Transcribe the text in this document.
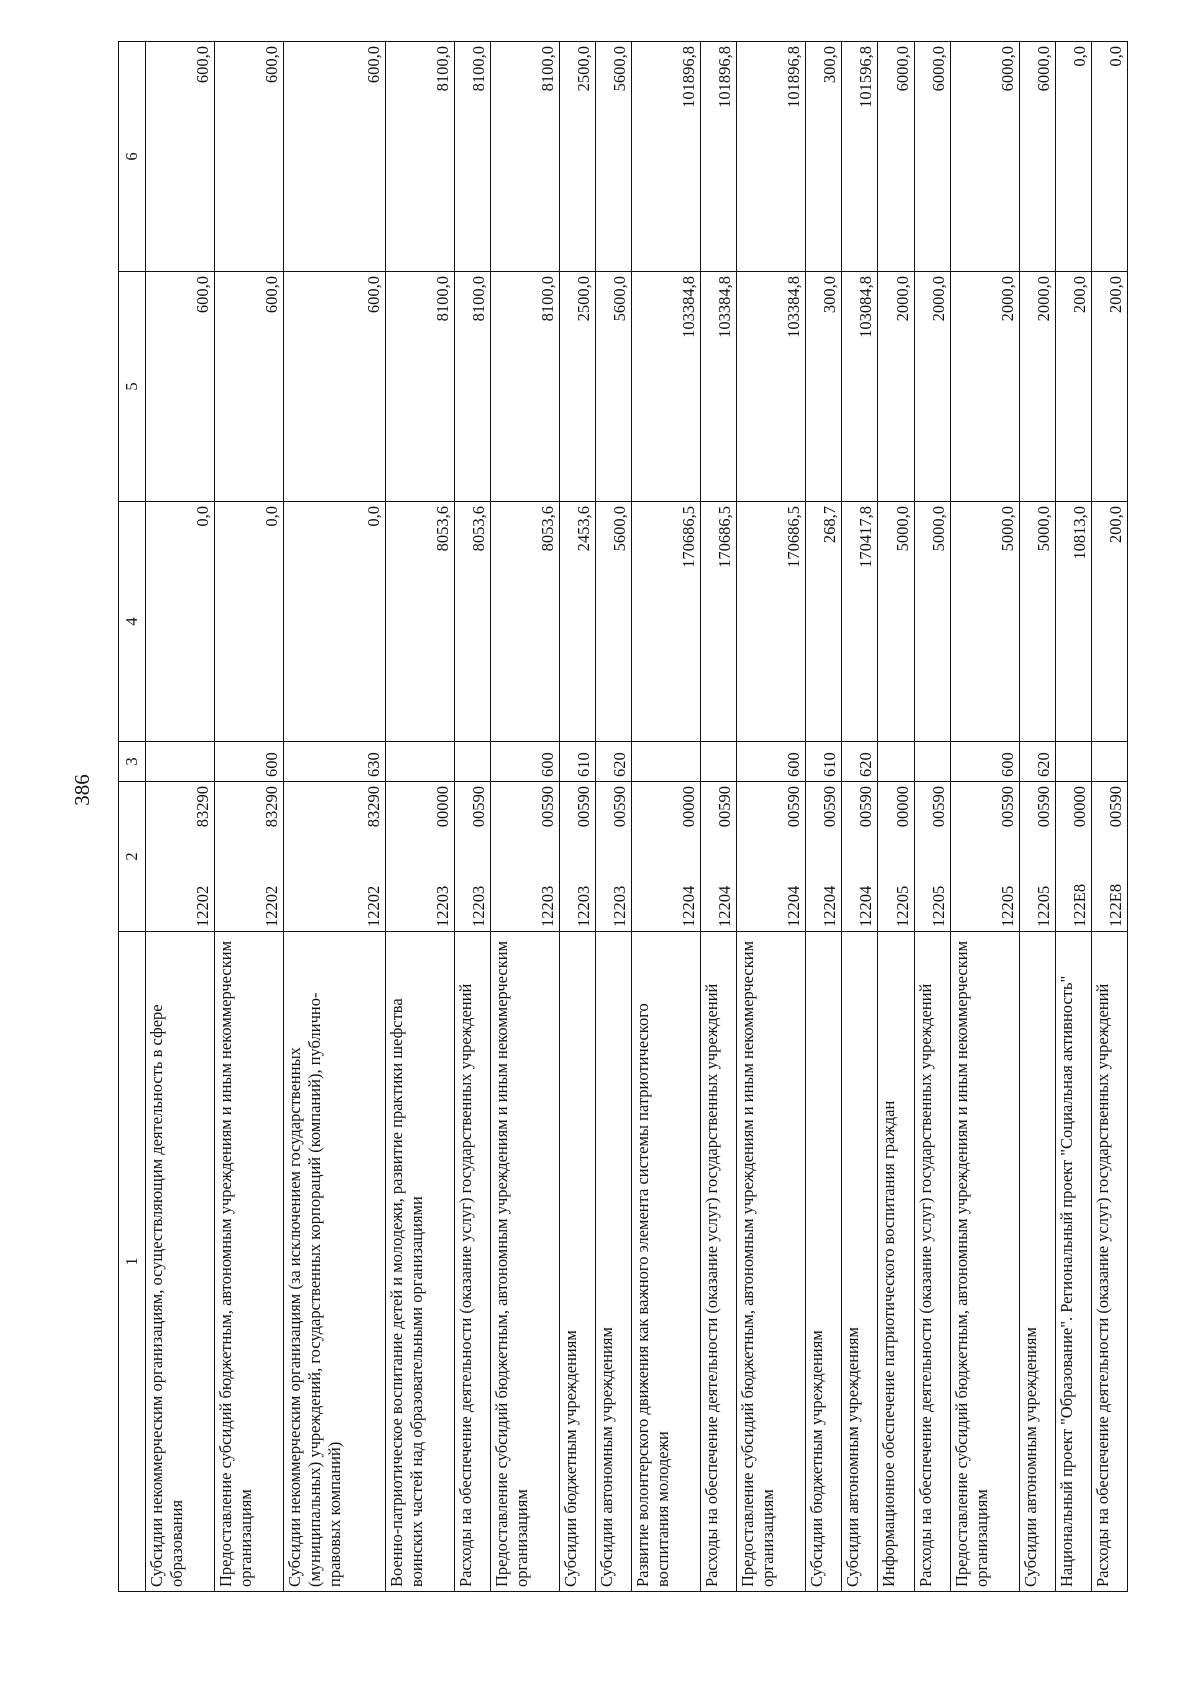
386
1	2		3	4	5	6
Субсидии некоммерческим организациям, осуществляющим деятельность в сфере образования	12202	83290		0,0	600,0	600,0
Предоставление субсидий бюджетным, автономным учреждениям и иным некоммерческим организациям	12202	83290	600	0,0	600,0	600,0
Субсидии некоммерческим организациям (за исключением государственных (муниципальных) учреждений, государственных корпораций (компаний), публично-правовых компаний)	12202	83290	630	0,0	600,0	600,0
Военно-патриотическое воспитание детей и молодежи, развитие практики шефства воинских частей над образовательными организациями	12203	00000		8053,6	8100,0	8100,0
Расходы на обеспечение деятельности (оказание услуг) государственных учреждений	12203	00590		8053,6	8100,0	8100,0
Предоставление субсидий бюджетным, автономным учреждениям и иным некоммерческим организациям	12203	00590	600	8053,6	8100,0	8100,0
Субсидии бюджетным учреждениям	12203	00590	610	2453,6	2500,0	2500,0
Субсидии автономным учреждениям	12203	00590	620	5600,0	5600,0	5600,0
Развитие волонтерского движения как важного элемента системы патриотического воспитания молодежи	12204	00000		170686,5	103384,8	101896,8
Расходы на обеспечение деятельности (оказание услуг) государственных учреждений	12204	00590		170686,5	103384,8	101896,8
Предоставление субсидий бюджетным, автономным учреждениям и иным некоммерческим организациям	12204	00590	600	170686,5	103384,8	101896,8
Субсидии бюджетным учреждениям	12204	00590	610	268,7	300,0	300,0
Субсидии автономным учреждениям	12204	00590	620	170417,8	103084,8	101596,8
Информационное обеспечение патриотического воспитания граждан	12205	00000		5000,0	2000,0	6000,0
Расходы на обеспечение деятельности (оказание услуг) государственных учреждений	12205	00590		5000,0	2000,0	6000,0
Предоставление субсидий бюджетным, автономным учреждениям и иным некоммерческим организациям	12205	00590	600	5000,0	2000,0	6000,0
Субсидии автономным учреждениям	12205	00590	620	5000,0	2000,0	6000,0
Национальный проект "Образование". Региональный проект "Социальная активность"	122E8	00000		10813,0	200,0	0,0
Расходы на обеспечение деятельности (оказание услуг) государственных учреждений	122E8	00590		200,0	200,0	0,0
